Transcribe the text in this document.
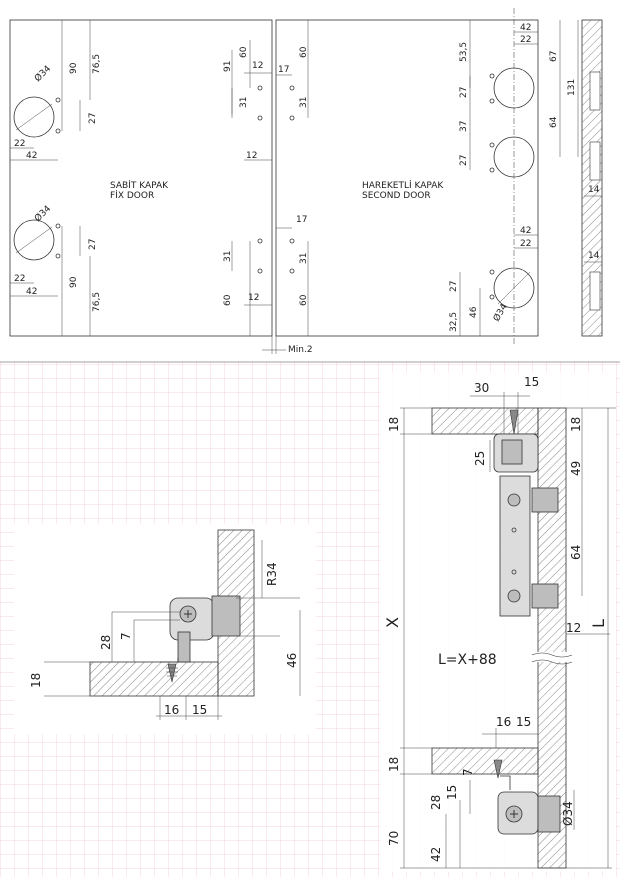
SABİT KAPAK
FİX DOOR
HAREKETLİ KAPAK
SECOND DOOR
Min.2
Ø34 90 76,5
27
22
42
Ø34
27
22
42
90
76,5
91
60
12
31
12
31
12
60
17
60
31
17
31
60
42
22
53,5	67
131
27
37	64
27
42
22
27
46
32,5	Ø34
14
14
R34
28 7
46
18
16 15
30	15
18	18
25
49
64
X	12 L
18
16 15
7
15
28	Ø34
70
42
L=X+88
